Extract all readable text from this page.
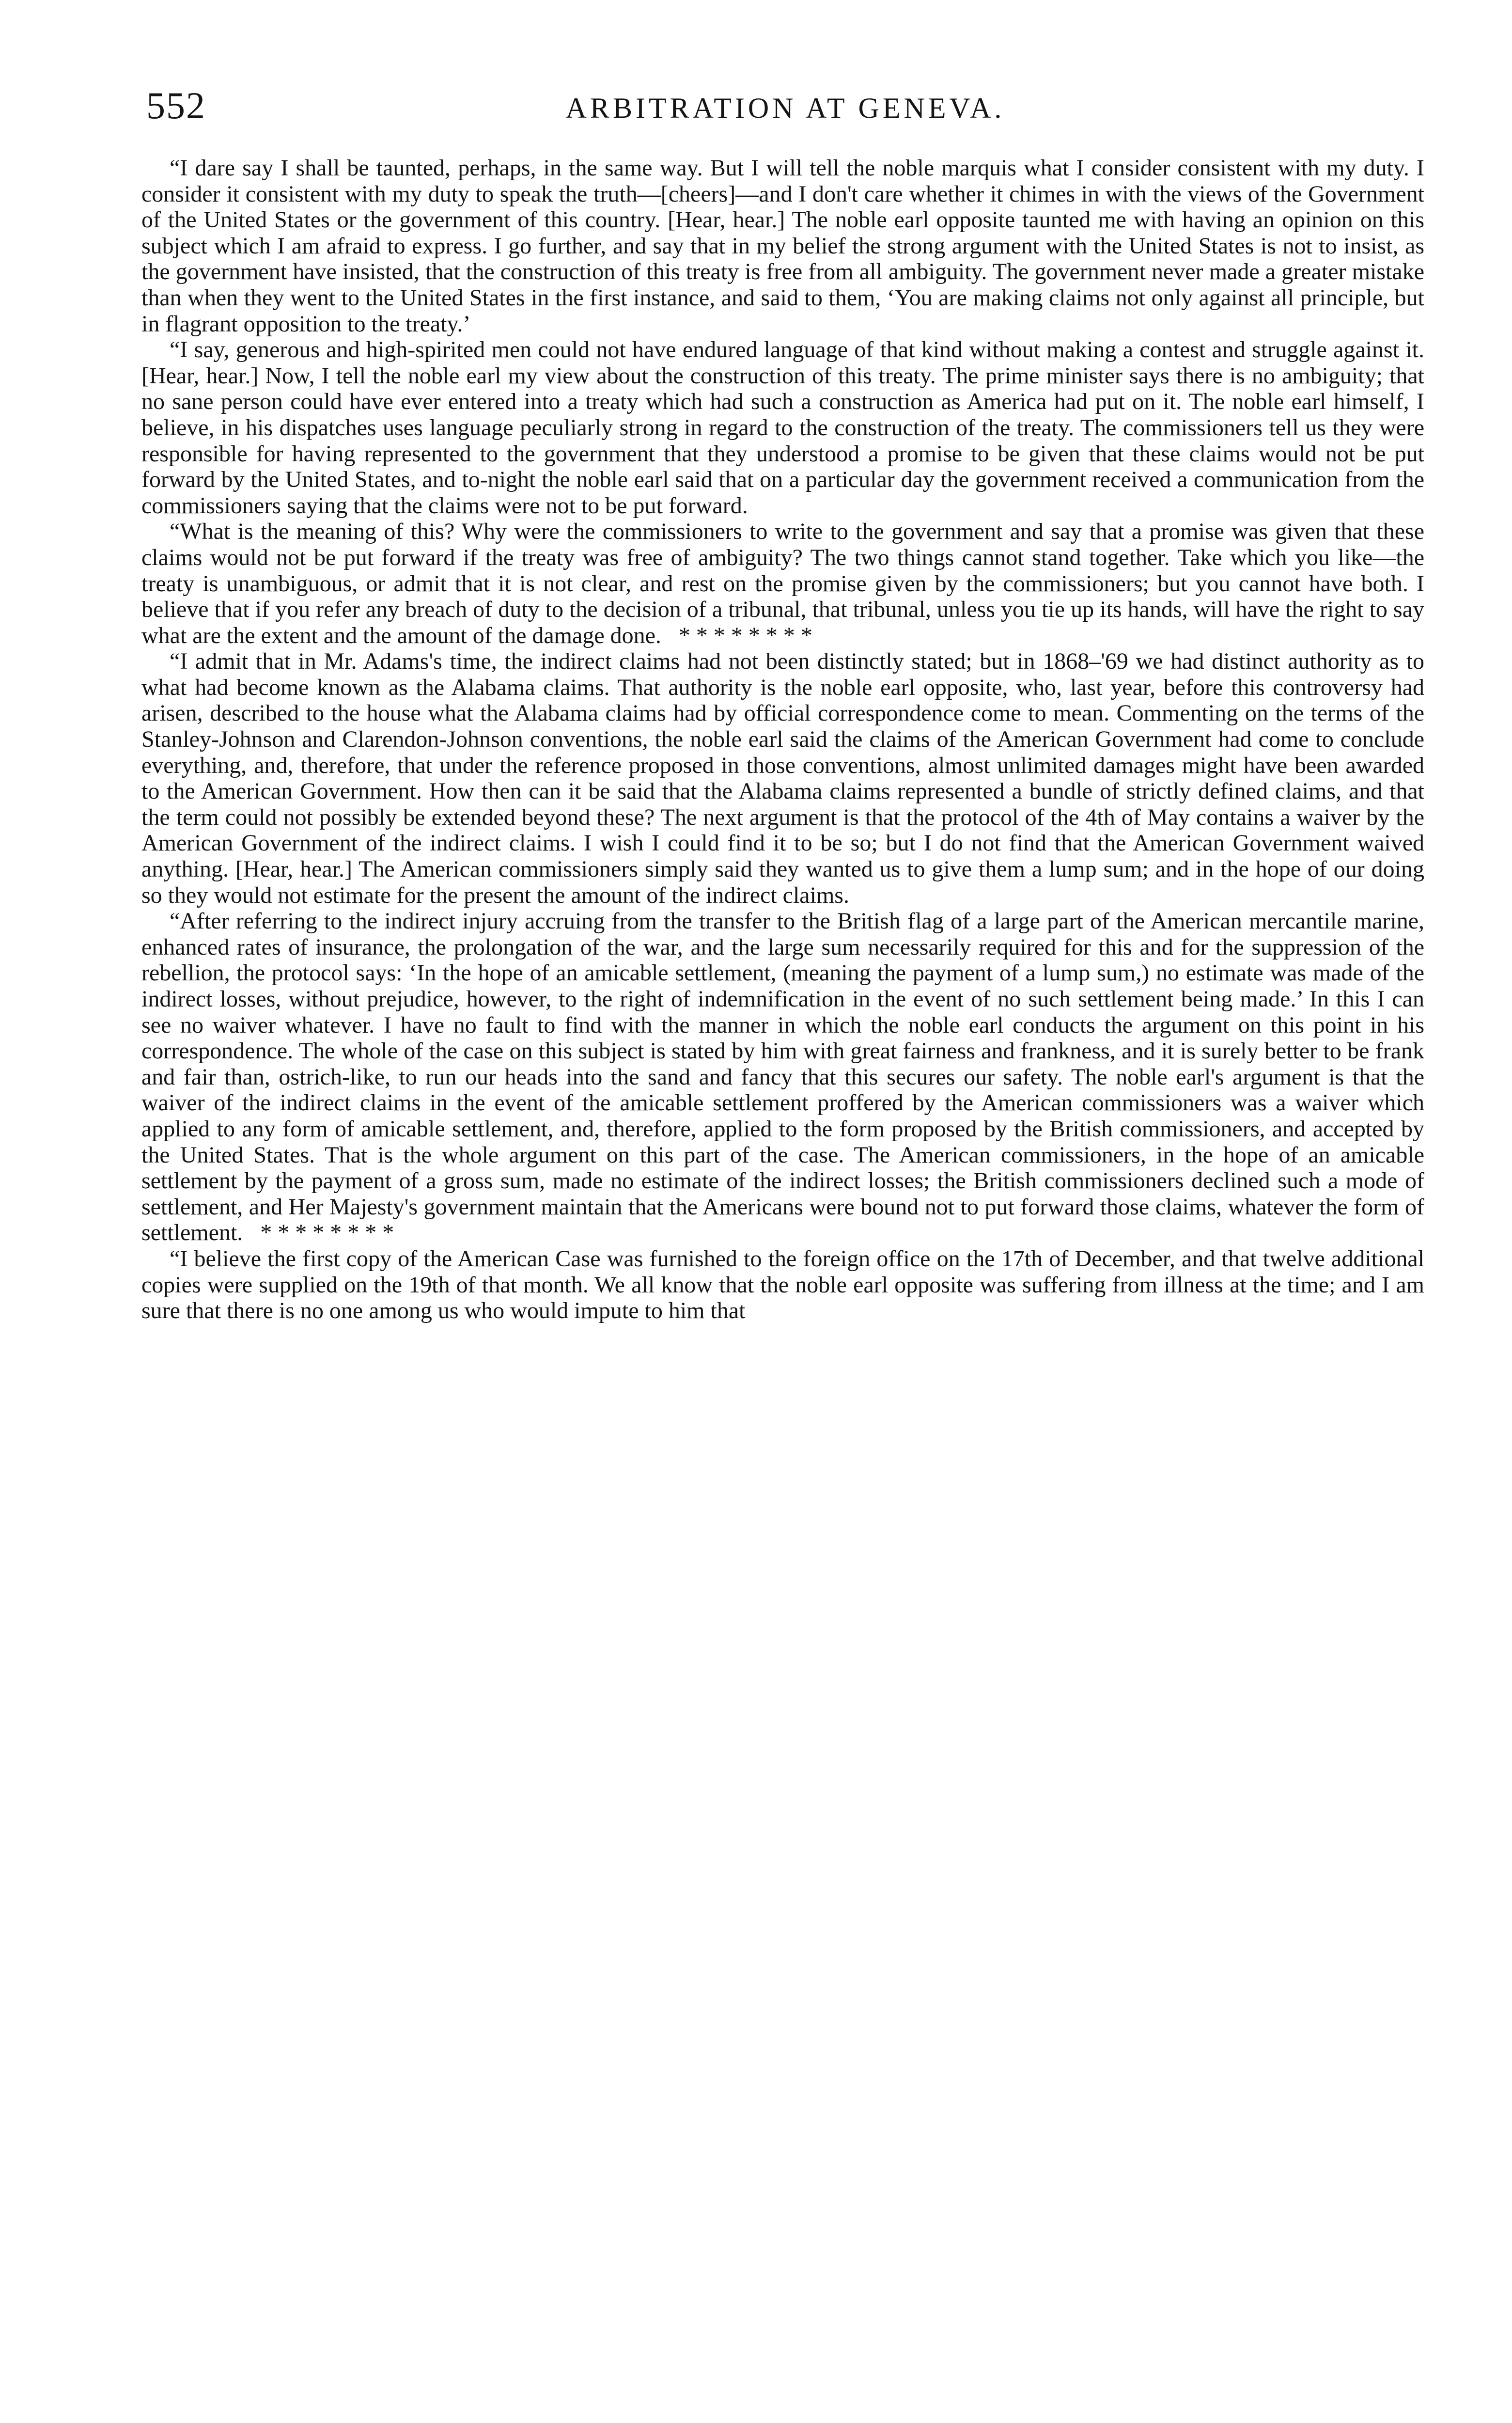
552	ARBITRATION AT GENEVA.

“I dare say I shall be taunted, perhaps, in the same way. But I will tell the noble marquis what I consider consistent with my duty. I consider it consistent with my duty to speak the truth—[cheers]—and I don't care whether it chimes in with the views of the Government of the United States or the government of this country. [Hear, hear.] The noble earl opposite taunted me with having an opinion on this subject which I am afraid to express. I go further, and say that in my belief the strong argument with the United States is not to insist, as the government have insisted, that the construction of this treaty is free from all ambiguity. The government never made a greater mistake than when they went to the United States in the first instance, and said to them, ‘You are making claims not only against all principle, but in flagrant opposition to the treaty.’

“I say, generous and high-spirited men could not have endured language of that kind without making a contest and struggle against it. [Hear, hear.] Now, I tell the noble earl my view about the construction of this treaty. The prime minister says there is no ambiguity; that no sane person could have ever entered into a treaty which had such a construction as America had put on it. The noble earl himself, I believe, in his dispatches uses language peculiarly strong in regard to the construction of the treaty. The commissioners tell us they were responsible for having represented to the government that they understood a promise to be given that these claims would not be put forward by the United States, and to-night the noble earl said that on a particular day the government received a communication from the commissioners saying that the claims were not to be put forward.

“What is the meaning of this? Why were the commissioners to write to the government and say that a promise was given that these claims would not be put forward if the treaty was free of ambiguity? The two things cannot stand together. Take which you like—the treaty is unambiguous, or admit that it is not clear, and rest on the promise given by the commissioners; but you cannot have both. I believe that if you refer any breach of duty to the decision of a tribunal, that tribunal, unless you tie up its hands, will have the right to say what are the extent and the amount of the damage done. * * * * * * * *

“I admit that in Mr. Adams's time, the indirect claims had not been distinctly stated; but in 1868–'69 we had distinct authority as to what had become known as the Alabama claims. That authority is the noble earl opposite, who, last year, before this controversy had arisen, described to the house what the Alabama claims had by official correspondence come to mean. Commenting on the terms of the Stanley-Johnson and Clarendon-Johnson conventions, the noble earl said the claims of the American Government had come to conclude everything, and, therefore, that under the reference proposed in those conventions, almost unlimited damages might have been awarded to the American Government. How then can it be said that the Alabama claims represented a bundle of strictly defined claims, and that the term could not possibly be extended beyond these? The next argument is that the protocol of the 4th of May contains a waiver by the American Government of the indirect claims. I wish I could find it to be so; but I do not find that the American Government waived anything. [Hear, hear.] The American commissioners simply said they wanted us to give them a lump sum; and in the hope of our doing so they would not estimate for the present the amount of the indirect claims.

“After referring to the indirect injury accruing from the transfer to the British flag of a large part of the American mercantile marine, enhanced rates of insurance, the prolongation of the war, and the large sum necessarily required for this and for the suppression of the rebellion, the protocol says: ‘In the hope of an amicable settlement, (meaning the payment of a lump sum,) no estimate was made of the indirect losses, without prejudice, however, to the right of indemnification in the event of no such settlement being made.’ In this I can see no waiver whatever. I have no fault to find with the manner in which the noble earl conducts the argument on this point in his correspondence. The whole of the case on this subject is stated by him with great fairness and frankness, and it is surely better to be frank and fair than, ostrich-like, to run our heads into the sand and fancy that this secures our safety. The noble earl's argument is that the waiver of the indirect claims in the event of the amicable settlement proffered by the American commissioners was a waiver which applied to any form of amicable settlement, and, therefore, applied to the form proposed by the British commissioners, and accepted by the United States. That is the whole argument on this part of the case. The American commissioners, in the hope of an amicable settlement by the payment of a gross sum, made no estimate of the indirect losses; the British commissioners declined such a mode of settlement, and Her Majesty's government maintain that the Americans were bound not to put forward those claims, whatever the form of settlement. * * * * * * * *

“I believe the first copy of the American Case was furnished to the foreign office on the 17th of December, and that twelve additional copies were supplied on the 19th of that month. We all know that the noble earl opposite was suffering from illness at the time; and I am sure that there is no one among us who would impute to him that
